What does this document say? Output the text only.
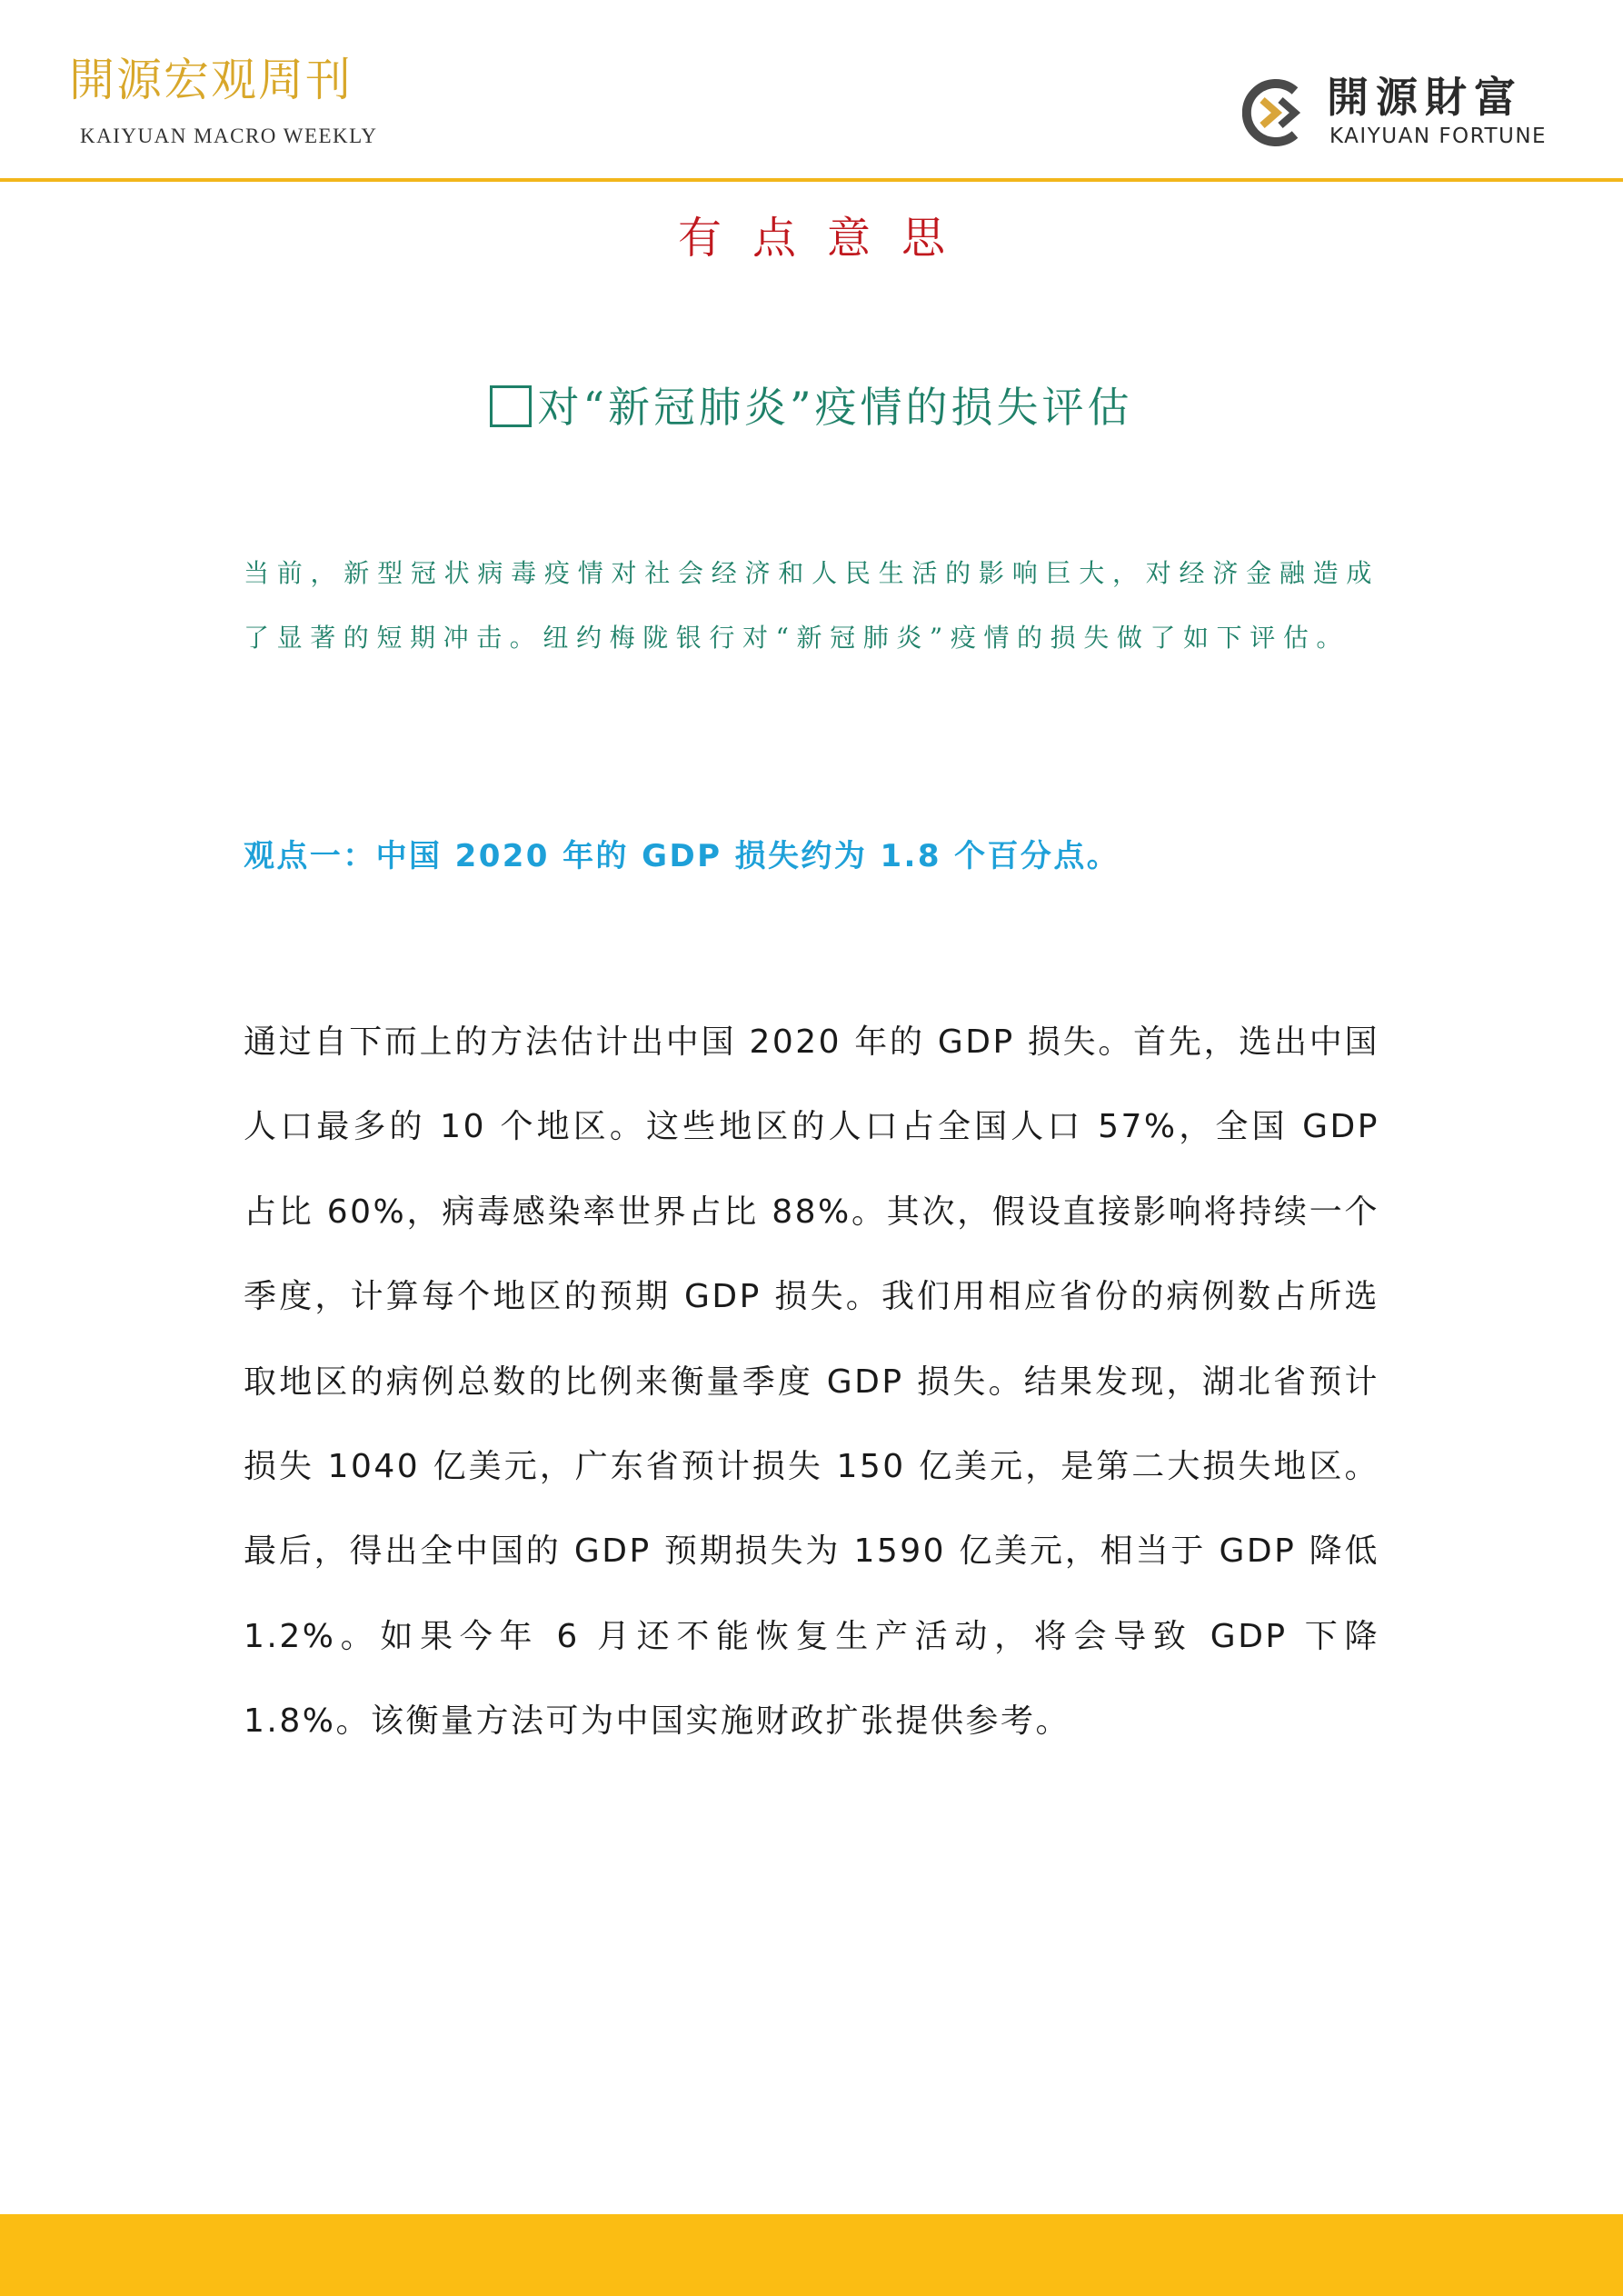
開源宏观周刊
KAIYUAN MACRO WEEKLY
開源財富
KAIYUAN FORTUNE
有点意思
对“新冠肺炎”疫情的损失评估
当前，新型冠状病毒疫情对社会经济和人民生活的影响巨大，对经济金融造成了显著的短期冲击。纽约梅陇银行对“新冠肺炎”疫情的损失做了如下评估。
观点一：中国 2020 年的 GDP 损失约为 1.8 个百分点。
通过自下而上的方法估计出中国 2020 年的 GDP 损失。首先，选出中国人口最多的 10 个地区。这些地区的人口占全国人口 57%，全国 GDP 占比 60%，病毒感染率世界占比 88%。其次，假设直接影响将持续一个季度，计算每个地区的预期 GDP 损失。我们用相应省份的病例数占所选取地区的病例总数的比例来衡量季度 GDP 损失。结果发现，湖北省预计损失 1040 亿美元，广东省预计损失 150 亿美元，是第二大损失地区。最后，得出全中国的 GDP 预期损失为 1590 亿美元，相当于 GDP 降低 1.2%。如果今年 6 月还不能恢复生产活动，将会导致 GDP 下降 1.8%。该衡量方法可为中国实施财政扩张提供参考。
